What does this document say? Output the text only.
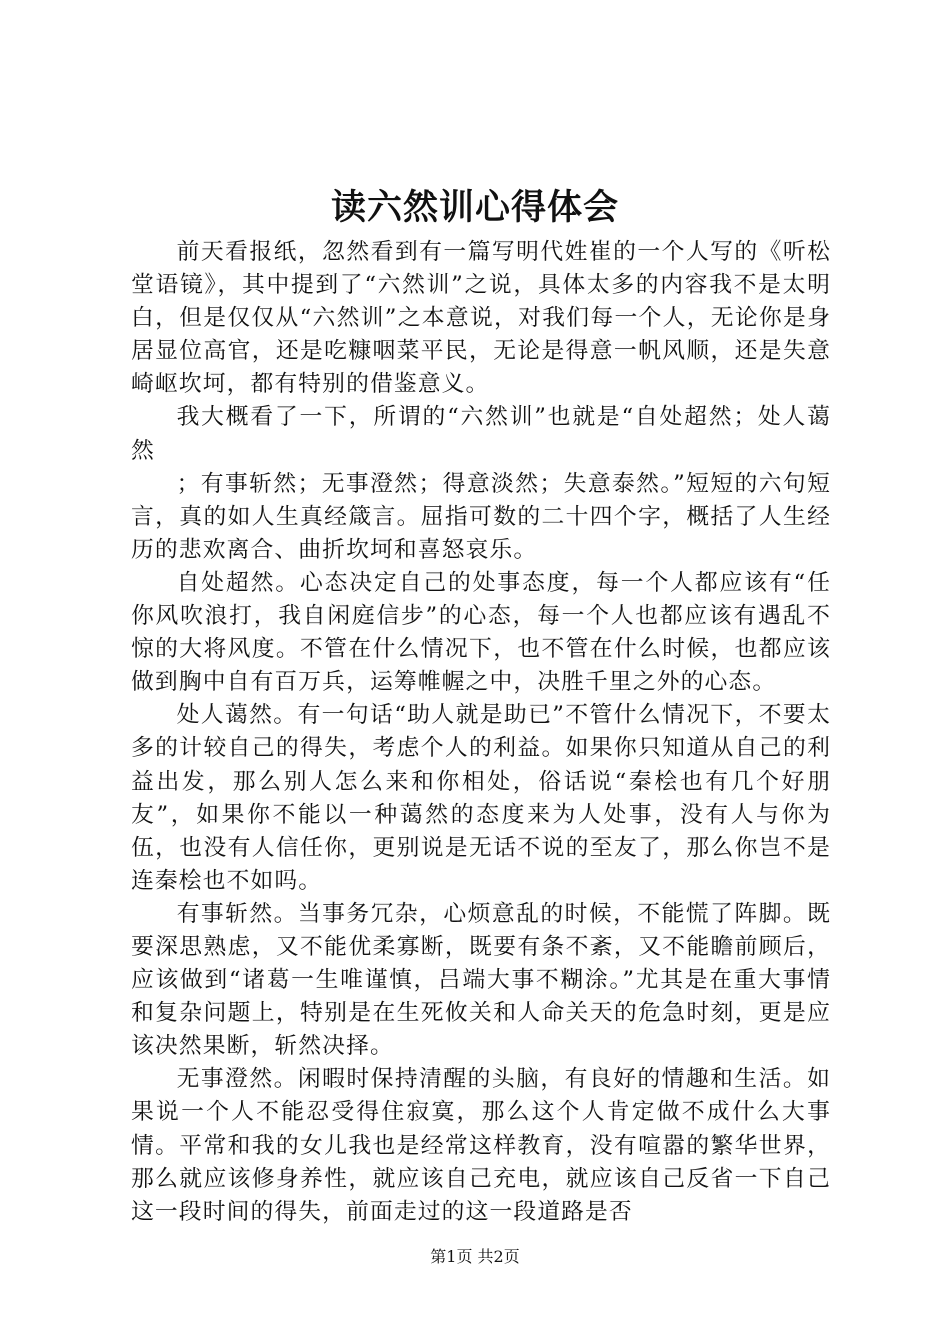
读六然训心得体会

前天看报纸，忽然看到有一篇写明代姓崔的一个人写的《听松堂语镜》，其中提到了“六然训”之说，具体太多的内容我不是太明白，但是仅仅从“六然训”之本意说，对我们每一个人，无论你是身居显位高官，还是吃糠咽菜平民，无论是得意一帆风顺，还是失意崎岖坎坷，都有特别的借鉴意义。

我大概看了一下，所谓的“六然训”也就是“自处超然；处人蔼然

；有事斩然；无事澄然；得意淡然；失意泰然。”短短的六句短言，真的如人生真经箴言。屈指可数的二十四个字，概括了人生经历的悲欢离合、曲折坎坷和喜怒哀乐。

自处超然。心态决定自己的处事态度，每一个人都应该有“任你风吹浪打，我自闲庭信步”的心态，每一个人也都应该有遇乱不惊的大将风度。不管在什么情况下，也不管在什么时候，也都应该做到胸中自有百万兵，运筹帷幄之中，决胜千里之外的心态。

处人蔼然。有一句话“助人就是助已”不管什么情况下，不要太多的计较自己的得失，考虑个人的利益。如果你只知道从自己的利益出发，那么别人怎么来和你相处，俗话说“秦桧也有几个好朋友”，如果你不能以一种蔼然的态度来为人处事，没有人与你为伍，也没有人信任你，更别说是无话不说的至友了，那么你岂不是连秦桧也不如吗。

有事斩然。当事务冗杂，心烦意乱的时候，不能慌了阵脚。既要深思熟虑，又不能优柔寡断，既要有条不紊，又不能瞻前顾后，应该做到“诸葛一生唯谨慎，吕端大事不糊涂。”尤其是在重大事情和复杂问题上，特别是在生死攸关和人命关天的危急时刻，更是应该决然果断，斩然决择。

无事澄然。闲暇时保持清醒的头脑，有良好的情趣和生活。如果说一个人不能忍受得住寂寞，那么这个人肯定做不成什么大事情。平常和我的女儿我也是经常这样教育，没有喧嚣的繁华世界，那么就应该修身养性，就应该自己充电，就应该自己反省一下自己这一段时间的得失，前面走过的这一段道路是否

第1页 共2页
